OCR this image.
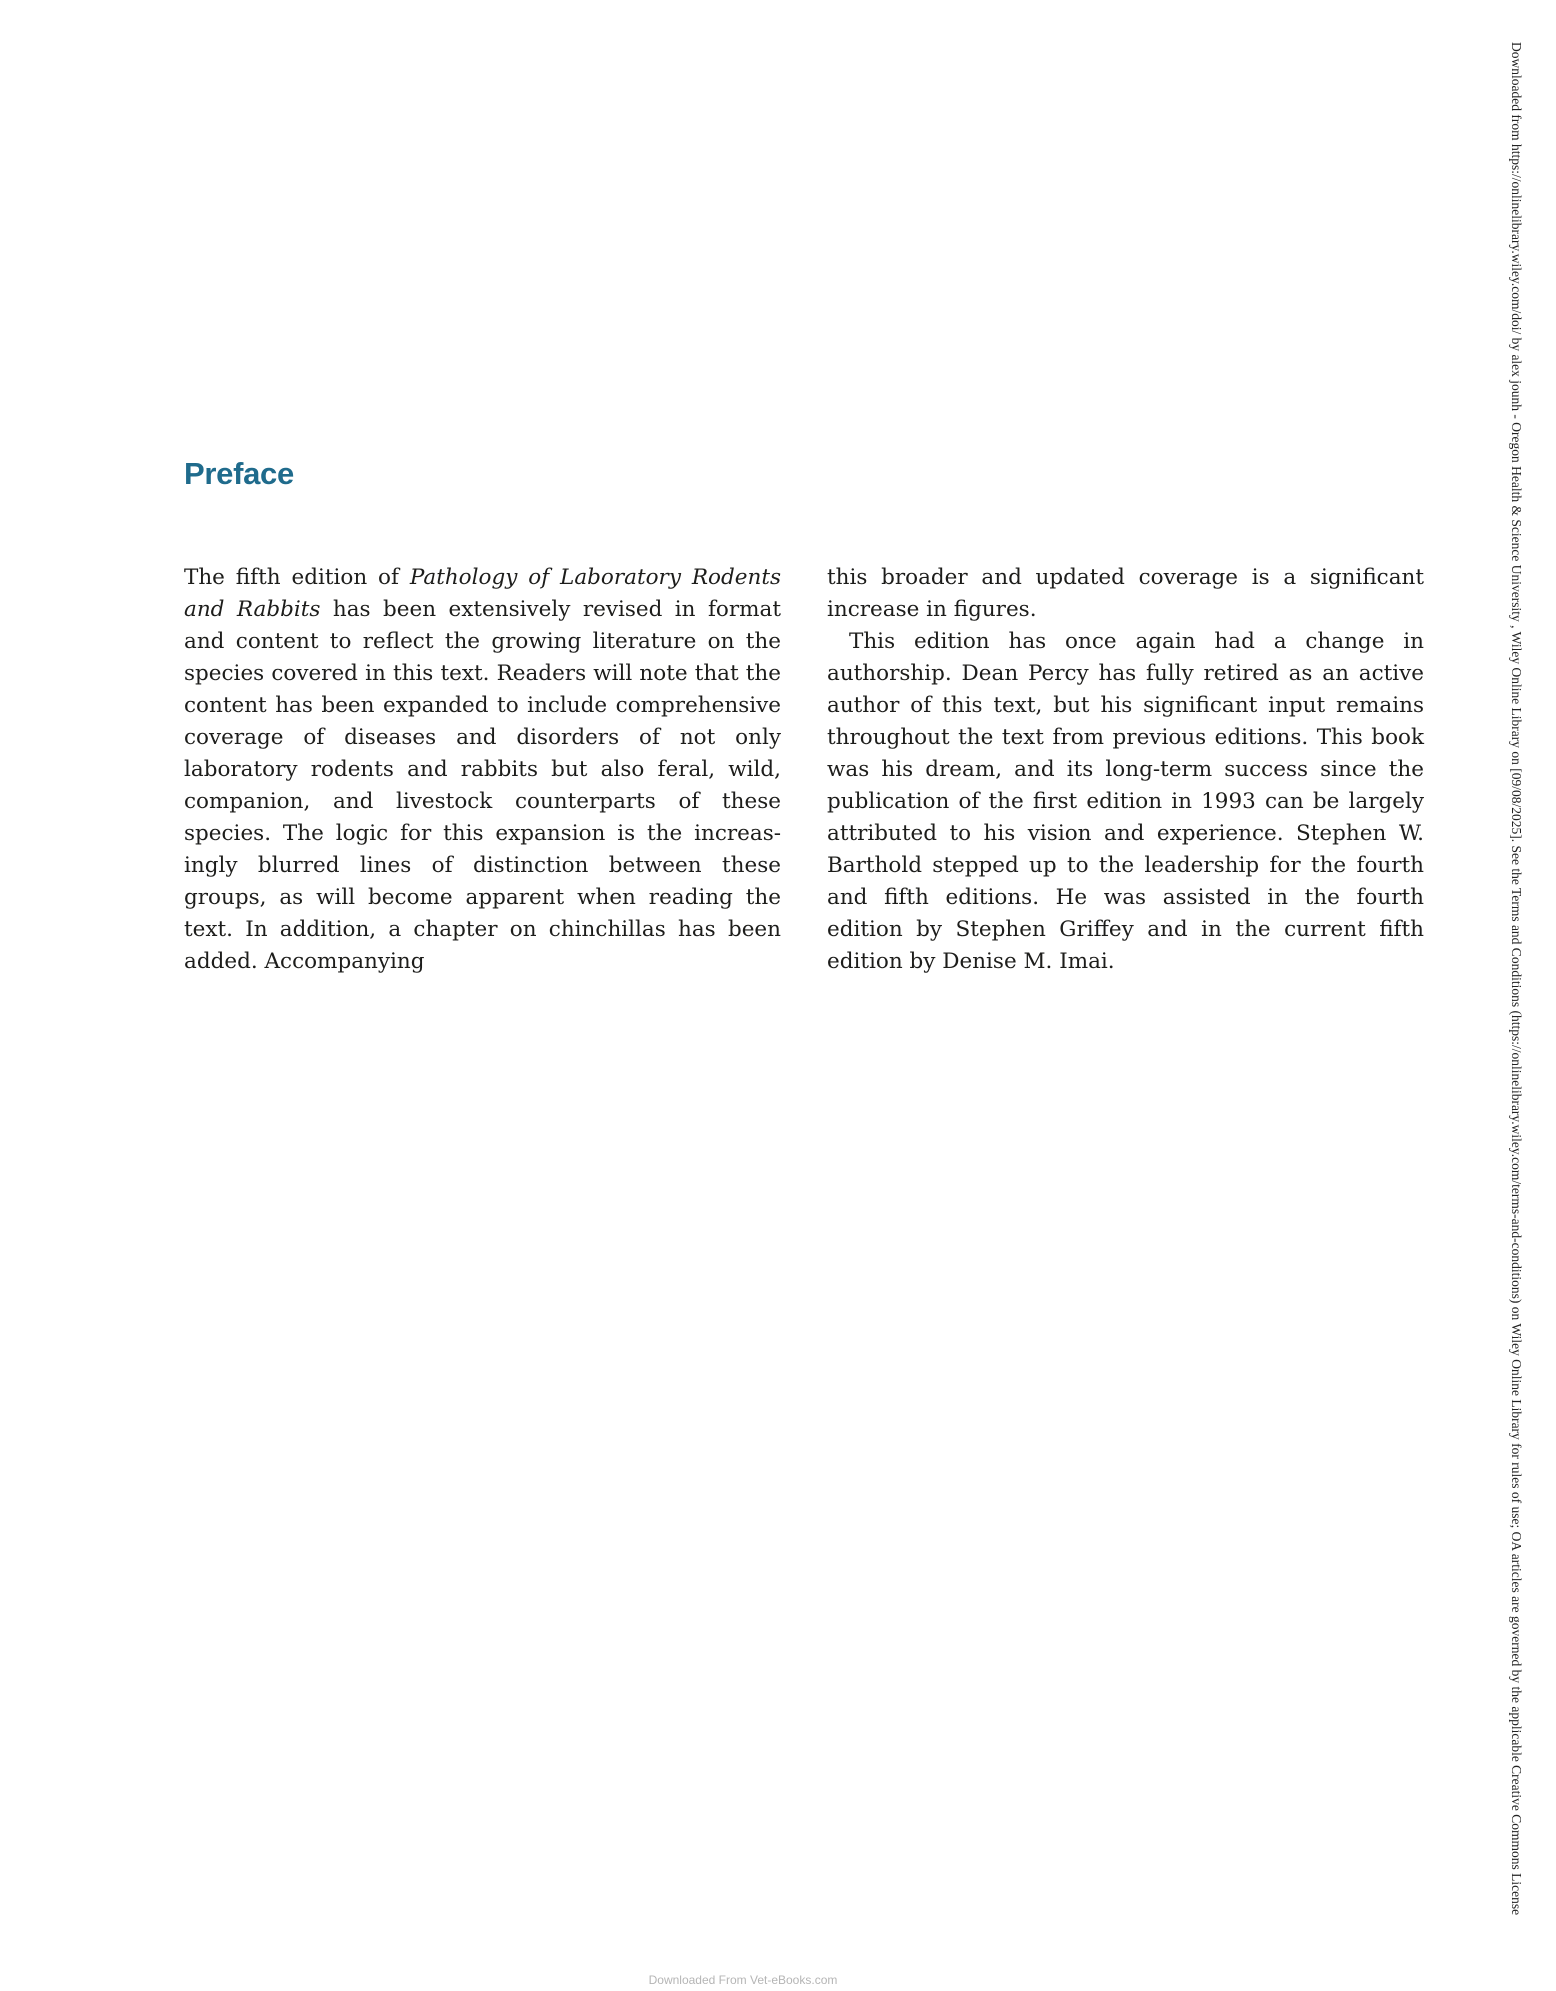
Preface

The fifth edition of Pathology of Laboratory Rodents and Rabbits has been extensively revised in format and content to reflect the growing literature on the species covered in this text. Readers will note that the content has been expanded to include comprehensive coverage of diseases and disorders of not only laboratory rodents and rabbits but also feral, wild, companion, and livestock counterparts of these species. The logic for this expansion is the increasingly blurred lines of distinction between these groups, as will become apparent when reading the text. In addition, a chapter on chinchillas has been added. Accompanying

this broader and updated coverage is a significant increase in figures.

This edition has once again had a change in authorship. Dean Percy has fully retired as an active author of this text, but his significant input remains throughout the text from previous editions. This book was his dream, and its long-term success since the publication of the first edition in 1993 can be largely attributed to his vision and experience. Stephen W. Barthold stepped up to the leadership for the fourth and fifth editions. He was assisted in the fourth edition by Stephen Griffey and in the current fifth edition by Denise M. Imai.	Downloaded from https://onlinelibrary.wiley.com/doi/ by alex jounh - Oregon Health & Science University , Wiley Online Library on [09/08/2025]. See the Terms and Conditions (https://onlinelibrary.wiley.com/terms-and-conditions) on Wiley Online Library for rules of use; OA articles are governed by the applicable Creative Commons License
Downloaded From Vet-eBooks.com
